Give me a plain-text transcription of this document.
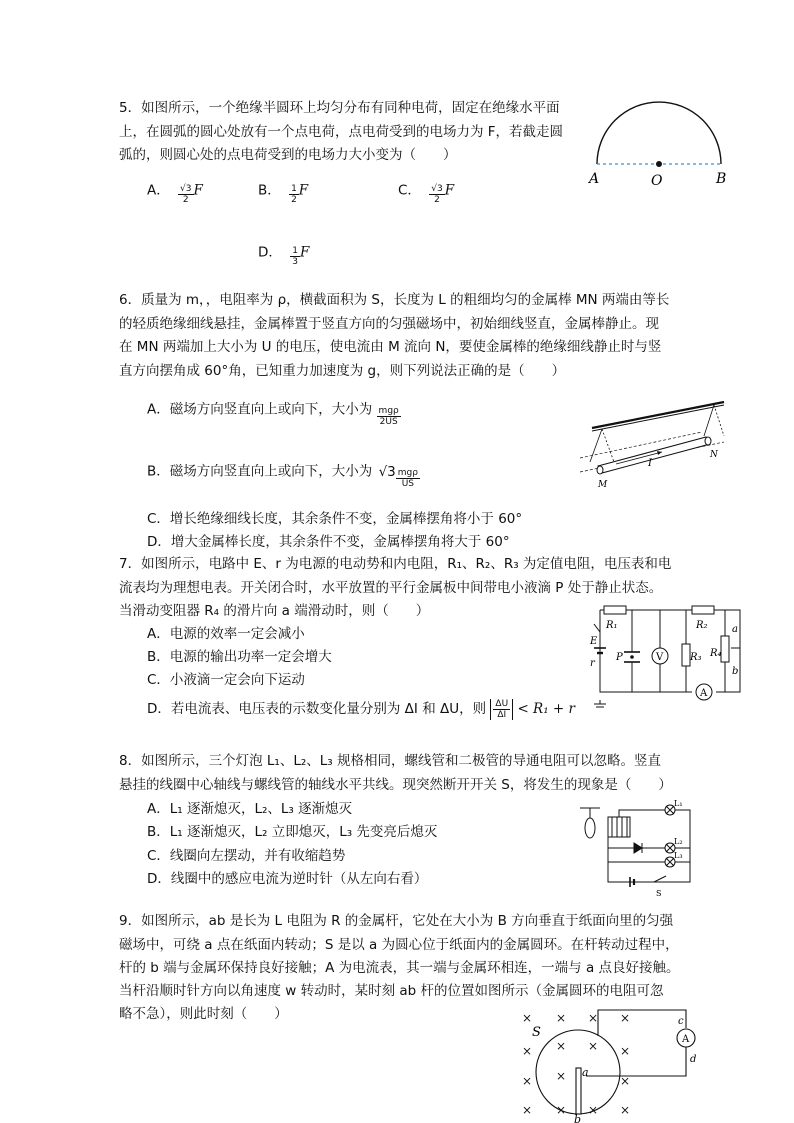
5．如图所示，一个绝缘半圆环上均匀分布有同种电荷，固定在绝缘水平面
上，在圆弧的圆心处放有一个点电荷，点电荷受到的电场力为 F，若截走圆
弧的，则圆心处的点电荷受到的电场力大小变为（　　）
A． $\frac{√3}{2}$ F	B． $\frac{1}{2}$ F	C． $\frac{√3}{2}$ F
D． $\frac{1}{3}$ F
A	O	B
6．质量为 m，，电阻率为 ρ，横截面积为 S，长度为 L 的粗细均匀的金属棒 MN 两端由等长
的轻质绝缘细线悬挂，金属棒置于竖直方向的匀强磁场中，初始细线竖直，金属棒静止。现
在 MN 两端加上大小为 U 的电压，使电流由 M 流向 N，要使金属棒的绝缘细线静止时与竖
直方向摆角成 60°角，已知重力加速度为 g，则下列说法正确的是（　　）
A．磁场方向竖直向上或向下，大小为 $\frac{\text{mgρ}}{2US}$
B．磁场方向竖直向上或向下，大小为 $√3 \frac{\text{mgρ}}{US}$
C．增长绝缘细线长度，其余条件不变，金属棒摆角将小于 60°
D．增大金属棒长度，其余条件不变，金属棒摆角将大于 60°
I
M
N
7．如图所示，电路中 E、r 为电源的电动势和内电阻，R₁、R₂、R₃ 为定值电阻，电压表和电
流表均为理想电表。开关闭合时，水平放置的平行金属板中间带电小液滴 P 处于静止状态。
当滑动变阻器 R₄ 的滑片向 a 端滑动时，则（　　）
A．电源的效率一定会减小
B．电源的输出功率一定会增大
C．小液滴一定会向下运动
D．若电流表、电压表的示数变化量分别为 ΔI 和 ΔU，则 $\frac{\Delta U}{\Delta I} < R_1 + r$
R₁	R₂
R₃ R₄
E
r
P	V
A
a
b
8．如图所示，三个灯泡 L₁、L₂、L₃ 规格相同，螺线管和二极管的导通电阻可以忽略。竖直
悬挂的线圈中心轴线与螺线管的轴线水平共线。现突然断开开关 S，将发生的现象是（　　）
A．L₁ 逐渐熄灭，L₂、L₃ 逐渐熄灭
B．L₁ 逐渐熄灭，L₂ 立即熄灭，L₃ 先变亮后熄灭
C．线圈向左摆动，并有收缩趋势
D．线圈中的感应电流为逆时针（从左向右看）
L₁
L₂
L₃
S
9．如图所示，ab 是长为 L 电阻为 R 的金属杆，它处在大小为 B 方向垂直于纸面向里的匀强
磁场中，可绕 a 点在纸面内转动；S 是以 a 为圆心位于纸面内的金属圆环。在杆转动过程中，
杆的 b 端与金属环保持良好接触；A 为电流表，其一端与金属环相连，一端与 a 点良好接触。
当杆沿顺时针方向以角速度 w 转动时，某时刻 ab 杆的位置如图所示（金属圆环的电阻可忽
略不急），则此时刻（　　）	× × × ×
× × × ×
× ×	×
× × × ×
S
a
b
c
d
A
